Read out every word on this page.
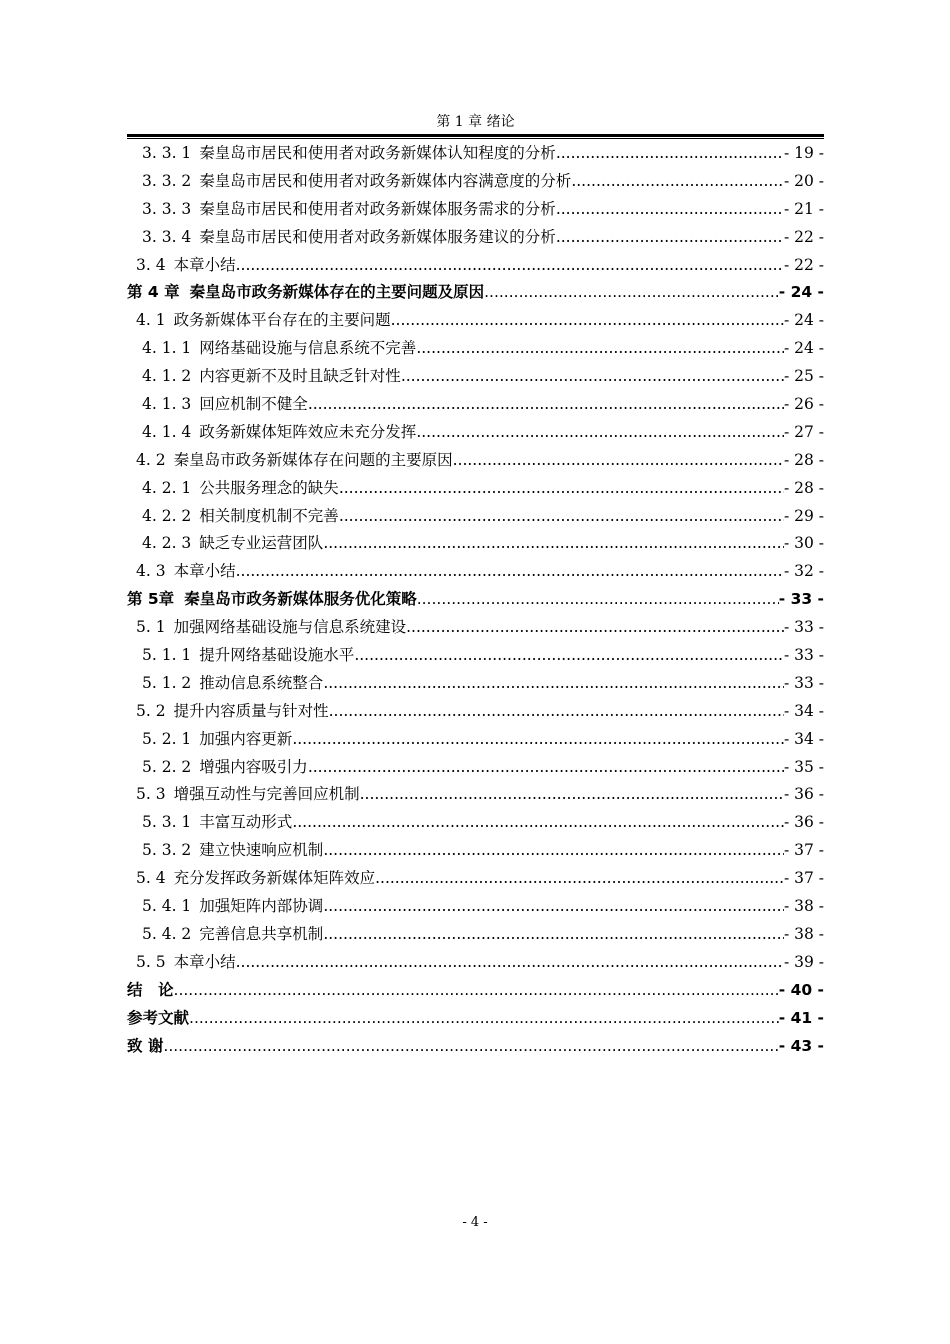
第 1 章 绪论
3. 3. 1 秦皇岛市居民和使用者对政务新媒体认知程度的分析 .....	- 19 -
3. 3. 2 秦皇岛市居民和使用者对政务新媒体内容满意度的分析 .....	- 20 -
3. 3. 3 秦皇岛市居民和使用者对政务新媒体服务需求的分析 .....	- 21 -
3. 3. 4 秦皇岛市居民和使用者对政务新媒体服务建议的分析 .....	- 22 -
3. 4 本章小结 .....	- 22 -
第 4 章 秦皇岛市政务新媒体存在的主要问题及原因 .....	- 24 -
4. 1 政务新媒体平台存在的主要问题 .....	- 24 -
4. 1. 1 网络基础设施与信息系统不完善 .....	- 24 -
4. 1. 2 内容更新不及时且缺乏针对性 .....	- 25 -
4. 1. 3 回应机制不健全 .....	- 26 -
4. 1. 4 政务新媒体矩阵效应未充分发挥 .....	- 27 -
4. 2 秦皇岛市政务新媒体存在问题的主要原因 .....	- 28 -
4. 2. 1 公共服务理念的缺失 .....	- 28 -
4. 2. 2 相关制度机制不完善 .....	- 29 -
4. 2. 3 缺乏专业运营团队 .....	- 30 -
4. 3 本章小结 .....	- 32 -
第 5章 秦皇岛市政务新媒体服务优化策略 .....	- 33 -
5. 1 加强网络基础设施与信息系统建设 .....	- 33 -
5. 1. 1 提升网络基础设施水平 .....	- 33 -
5. 1. 2 推动信息系统整合 .....	- 33 -
5. 2 提升内容质量与针对性 .....	- 34 -
5. 2. 1 加强内容更新 .....	- 34 -
5. 2. 2 增强内容吸引力 .....	- 35 -
5. 3 增强互动性与完善回应机制 .....	- 36 -
5. 3. 1 丰富互动形式 .....	- 36 -
5. 3. 2 建立快速响应机制 .....	- 37 -
5. 4 充分发挥政务新媒体矩阵效应 .....	- 37 -
5. 4. 1 加强矩阵内部协调 .....	- 38 -
5. 4. 2 完善信息共享机制 .....	- 38 -
5. 5 本章小结 .....	- 39 -
结　论 .....	- 40 -
参考文献 .....	- 41 -
致 谢 .....	- 43 -
- 4 -
